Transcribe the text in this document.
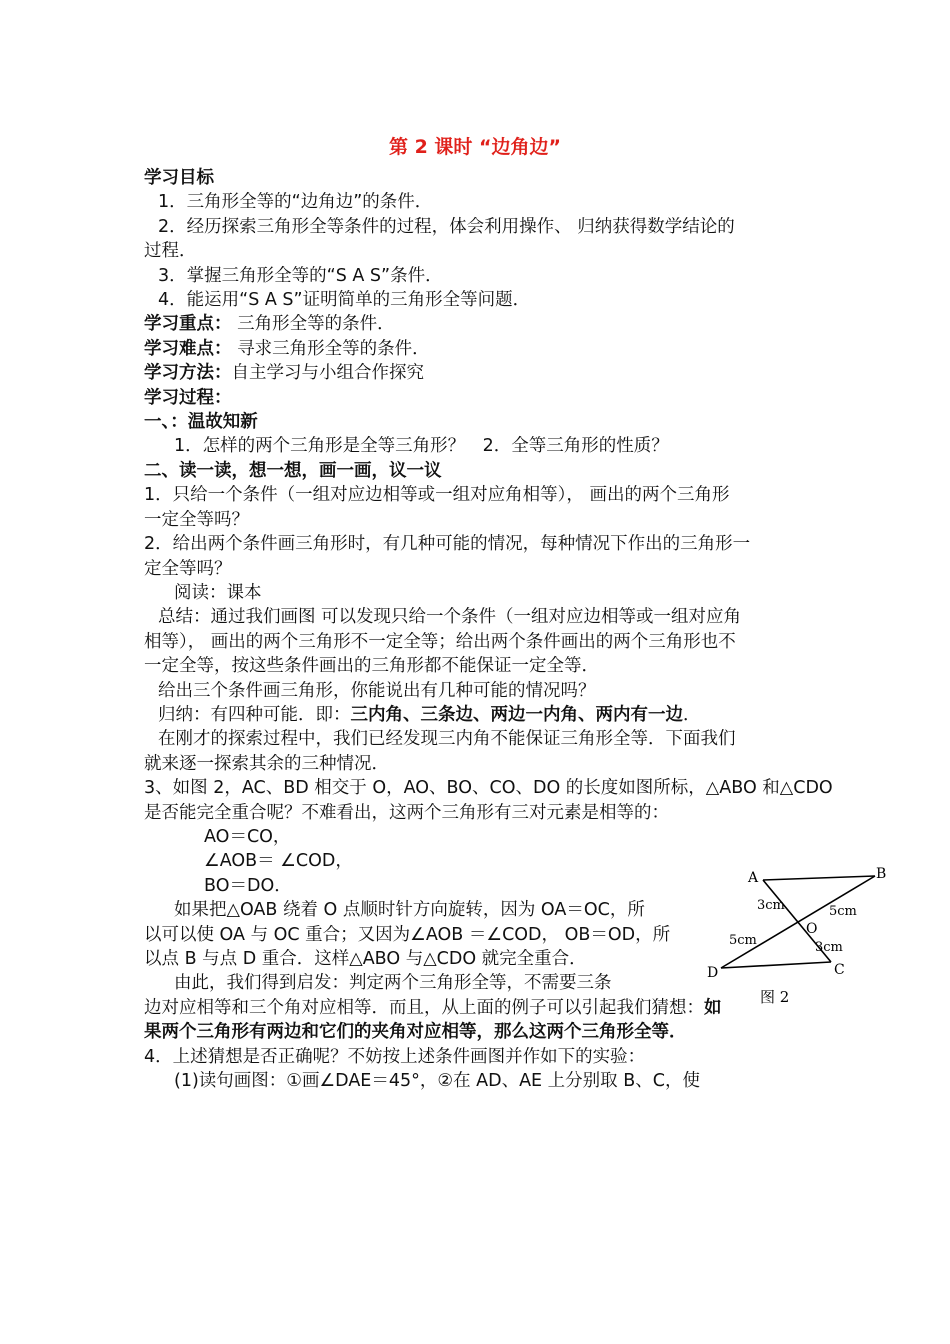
第 2 课时 “边角边”
学习目标
1．三角形全等的“边角边”的条件．
2．经历探索三角形全等条件的过程，体会利用操作、 归纳获得数学结论的
过程．
3．掌握三角形全等的“S A S”条件．
4．能运用“S A S”证明简单的三角形全等问题．
学习重点： 三角形全等的条件．
学习难点： 寻求三角形全等的条件．
学习方法：自主学习与小组合作探究
学习过程：
一、：温故知新
1．怎样的两个三角形是全等三角形？　2．全等三角形的性质？
二、读一读，想一想，画一画，议一议
1．只给一个条件（一组对应边相等或一组对应角相等）， 画出的两个三角形
一定全等吗？
2．给出两个条件画三角形时，有几种可能的情况，每种情况下作出的三角形一
定全等吗？
阅读：课本
总结：通过我们画图 可以发现只给一个条件（一组对应边相等或一组对应角
相等）， 画出的两个三角形不一定全等；给出两个条件画出的两个三角形也不
一定全等，按这些条件画出的三角形都不能保证一定全等．
给出三个条件画三角形，你能说出有几种可能的情况吗？
归纳：有四种可能．即：三内角、三条边、两边一内角、两内有一边．
在刚才的探索过程中，我们已经发现三内角不能保证三角形全等．下面我们
就来逐一探索其余的三种情况．
3、如图 2，AC、BD 相交于 O，AO、BO、CO、DO 的长度如图所标，△ABO 和△CDO
是否能完全重合呢？不难看出，这两个三角形有三对元素是相等的：
AO＝CO，
∠AOB＝ ∠COD，
BO＝DO．
如果把△OAB 绕着 O 点顺时针方向旋转，因为 OA＝OC，所
以可以使 OA 与 OC 重合；又因为∠AOB ＝∠COD， OB＝OD，所
以点 B 与点 D 重合．这样△ABO 与△CDO 就完全重合．
由此，我们得到启发：判定两个三角形全等，不需要三条
边对应相等和三个角对应相等．而且，从上面的例子可以引起我们猜想：如
果两个三角形有两边和它们的夹角对应相等，那么这两个三角形全等．
4．上述猜想是否正确呢？不妨按上述条件画图并作如下的实验：
(1)读句画图：①画∠DAE＝45°，②在 AD、AE 上分别取 B、C，使
A	B
C
D
O
3cm	5cm
5cm	3cm
图 2
